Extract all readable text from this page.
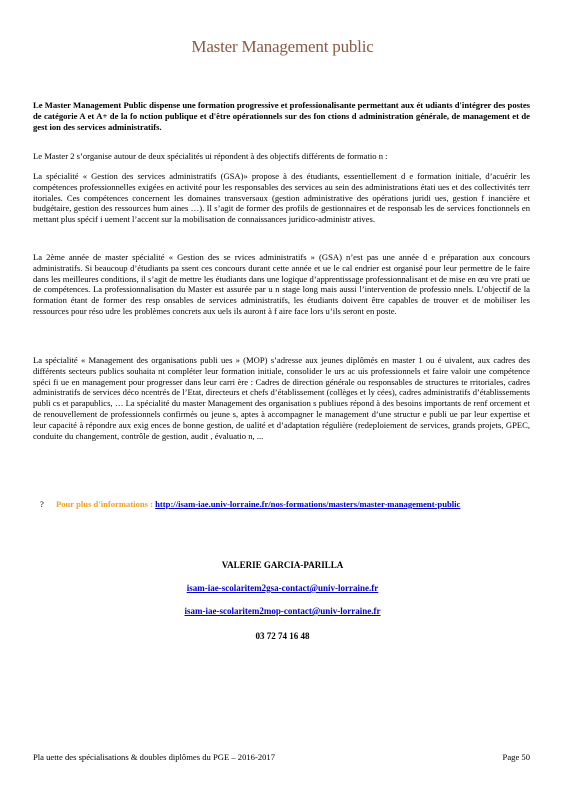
Master Management public

Le Master Management Public dispense une formation progressive et professionalisante permettant aux ét udiants d'intégrer des postes de catégorie A et A+ de la fo nction publique et d'être opérationnels sur des fon ctions d administration générale, de management et de gest ion des services administratifs.

Le Master 2 s’organise autour de deux spécialités ui répondent à des objectifs différents de formatio n :

La spécialité « Gestion des services administratifs (GSA)» propose à des étudiants, essentiellement d e formation initiale, d’acuérir les compétences professionnelles exigées en activité pour les responsables des services au sein des administrations étati ues et des collectivités terr itoriales. Ces compétences concernent les domaines transversaux (gestion administrative des opérations juridi ues, gestion f inancière et budgétaire, gestion des ressources hum aines …). Il s’agit de former des profils de gestionnaires et de responsab les de services fonctionnels en mettant plus spécif i uement l’accent sur la mobilisation de connaissances juridico-administr atives.

La 2ème année de master spécialité « Gestion des se rvices administratifs » (GSA) n’est pas une année d e préparation aux concours administratifs. Si beaucoup d’étudiants pa ssent ces concours durant cette année et ue le cal endrier est organisé pour leur permettre de le faire dans les meilleures conditions, il s’agit de mettre les étudiants dans une logique d’apprentissage professionnalisant et de mise en œu vre prati ue de compétences. La professionnalisation du Master est assurée par u n stage long mais aussi l’intervention de professio nnels. L’objectif de la formation étant de former des resp onsables de services administratifs, les étudiants doivent être capables de trouver et de mobiliser les ressources pour réso udre les problèmes concrets aux uels ils auront à f aire face lors u’ils seront en poste.

La spécialité « Management des organisations publi ues » (MOP) s’adresse aux jeunes diplômés en master 1 ou é uivalent, aux cadres des différents secteurs publics souhaita nt compléter leur formation initiale, consolider le urs ac uis professionnels et faire valoir une compétence spéci fi ue en management pour progresser dans leur carri ère : Cadres de direction générale ou responsables de structures te rritoriales, cadres administratifs de services déco ncentrés de l’Etat, directeurs et chefs d’établissement (collèges et ly cées), cadres administratifs d’établissements publi cs et parapublics, … La spécialité du master Management des organisation s publiues répond à des besoins importants de renf orcement et de renouvellement de professionnels confirmés ou jeune s, aptes à accompagner le management d’une structur e publi ue par leur expertise et leur capacité à répondre aux exig ences de bonne gestion, de ualité et d’adaptation régulière (redeploiement de services, grands projets, GPEC, conduite du changement, contrôle de gestion, audit , évaluatio n, ...

? Pour plus d'informations : http://isam-iae.univ-lorraine.fr/nos-formations/masters/master-management-public
VALERIE GARCIA-PARILLA
isam-iae-scolaritem2gsa-contact@univ-lorraine.fr
isam-iae-scolaritem2mop-contact@univ-lorraine.fr
03 72 74 16 48
Pla uette des spécialisations & doubles diplômes du PGE – 2016-2017	Page 50
